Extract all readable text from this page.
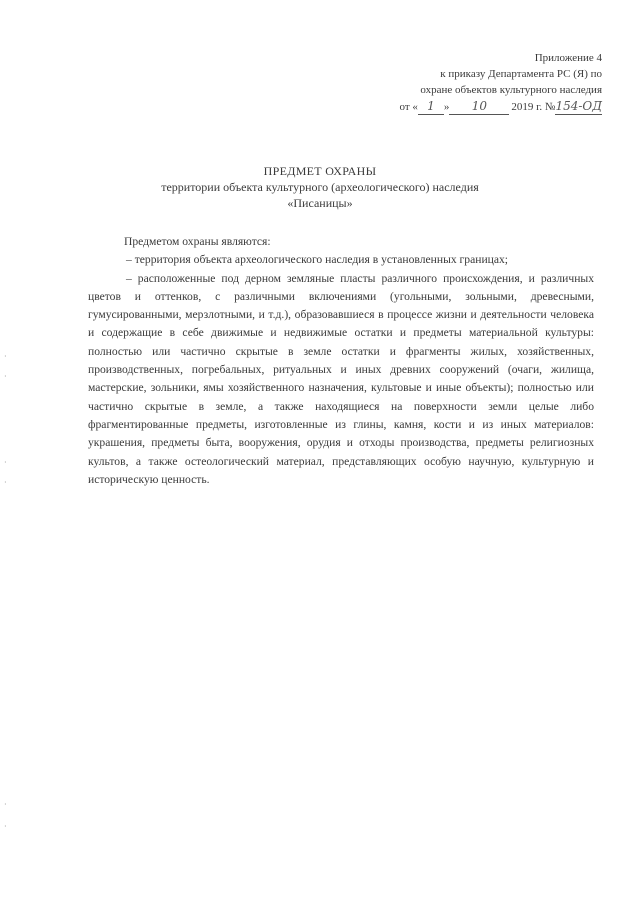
Приложение 4
к приказу Департамента РС (Я) по
охране объектов культурного наследия
от « 1 » 10 2019 г. №154-ОД
ПРЕДМЕТ ОХРАНЫ
территории объекта культурного (археологического) наследия
«Писаницы»

Предметом охраны являются:

– территория объекта археологического наследия в установленных границах;

– расположенные под дерном земляные пласты различного происхождения, и различных цветов и оттенков, с различными включениями (угольными, зольными, древесными, гумусированными, мерзлотными, и т.д.), образовавшиеся в процессе жизни и деятельности человека и содержащие в себе движимые и недвижимые остатки и предметы материальной культуры: полностью или частично скрытые в земле остатки и фрагменты жилых, хозяйственных, производственных, погребальных, ритуальных и иных древних сооружений (очаги, жилища, мастерские, зольники, ямы хозяйственного назначения, культовые и иные объекты); полностью или частично скрытые в земле, а также находящиеся на поверхности земли целые либо фрагментированные предметы, изготовленные из глины, камня, кости и из иных материалов: украшения, предметы быта, вооружения, орудия и отходы производства, предметы религиозных культов, а также остеологический материал, представляющих особую научную, культурную и историческую ценность.

·
·
·
·
·
·
